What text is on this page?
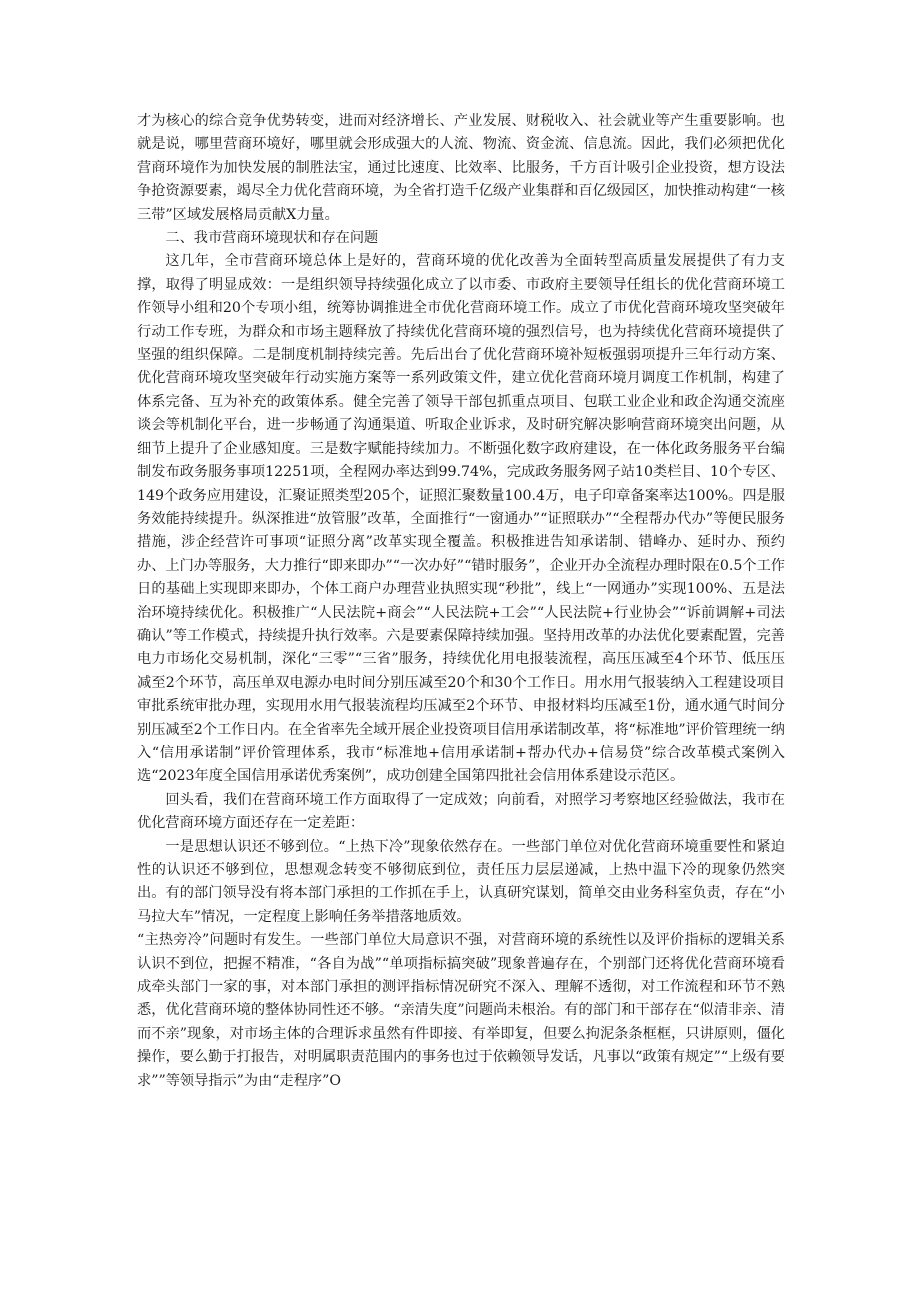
才为核心的综合竞争优势转变，进而对经济增长、产业发展、财税收入、社会就业等产生重要影响。也就是说，哪里营商环境好，哪里就会形成强大的人流、物流、资金流、信息流。因此，我们必须把优化营商环境作为加快发展的制胜法宝，通过比速度、比效率、比服务，千方百计吸引企业投资，想方设法争抢资源要素，竭尽全力优化营商环境，为全省打造千亿级产业集群和百亿级园区，加快推动构建“一核三带”区域发展格局贡献X力量。

二、我市营商环境现状和存在问题

这几年，全市营商环境总体上是好的，营商环境的优化改善为全面转型高质量发展提供了有力支撑，取得了明显成效：一是组织领导持续强化成立了以市委、市政府主要领导任组长的优化营商环境工作领导小组和20个专项小组，统筹协调推进全市优化营商环境工作。成立了市优化营商环境攻坚突破年行动工作专班，为群众和市场主题释放了持续优化营商环境的强烈信号，也为持续优化营商环境提供了坚强的组织保障。二是制度机制持续完善。先后出台了优化营商环境补短板强弱项提升三年行动方案、优化营商环境攻坚突破年行动实施方案等一系列政策文件，建立优化营商环境月调度工作机制，构建了体系完备、互为补充的政策体系。健全完善了领导干部包抓重点项目、包联工业企业和政企沟通交流座谈会等机制化平台，进一步畅通了沟通渠道、听取企业诉求，及时研究解决影响营商环境突出问题，从细节上提升了企业感知度。三是数字赋能持续加力。不断强化数字政府建设，在一体化政务服务平台编制发布政务服务事项12251项，全程网办率达到99.74%，完成政务服务网子站10类栏目、10个专区、149个政务应用建设，汇聚证照类型205个，证照汇聚数量100.4万，电子印章备案率达100%。四是服务效能持续提升。纵深推进“放管服”改革，全面推行“一窗通办”“证照联办”“全程帮办代办”等便民服务措施，涉企经营许可事项“证照分离”改革实现全覆盖。积极推进告知承诺制、错峰办、延时办、预约办、上门办等服务，大力推行“即来即办”“一次办好”“错时服务”，企业开办全流程办理时限在0.5个工作日的基础上实现即来即办，个体工商户办理营业执照实现“秒批”，线上“一网通办”实现100%、五是法治环境持续优化。积极推广“人民法院+商会”“人民法院+工会”“人民法院+行业协会”“诉前调解+司法确认”等工作模式，持续提升执行效率。六是要素保障持续加强。坚持用改革的办法优化要素配置，完善电力市场化交易机制，深化“三零”“三省”服务，持续优化用电报装流程，高压压减至4个环节、低压压减至2个环节，高压单双电源办电时间分别压减至20个和30个工作日。用水用气报装纳入工程建设项目审批系统审批办理，实现用水用气报装流程均压减至2个环节、申报材料均压减至1份，通水通气时间分别压减至2个工作日内。在全省率先全域开展企业投资项目信用承诺制改革，将“标准地”评价管理统一纳入“信用承诺制”评价管理体系，我市“标准地+信用承诺制+帮办代办+信易贷”综合改革模式案例入选“2023年度全国信用承诺优秀案例”，成功创建全国第四批社会信用体系建设示范区。

回头看，我们在营商环境工作方面取得了一定成效；向前看，对照学习考察地区经验做法，我市在优化营商环境方面还存在一定差距：

一是思想认识还不够到位。“上热下冷”现象依然存在。一些部门单位对优化营商环境重要性和紧迫性的认识还不够到位，思想观念转变不够彻底到位，责任压力层层递减，上热中温下冷的现象仍然突出。有的部门领导没有将本部门承担的工作抓在手上，认真研究谋划，简单交由业务科室负责，存在“小马拉大车”情况，一定程度上影响任务举措落地质效。

“主热旁冷”问题时有发生。一些部门单位大局意识不强，对营商环境的系统性以及评价指标的逻辑关系认识不到位，把握不精准，“各自为战”“单项指标搞突破”现象普遍存在，个别部门还将优化营商环境看成牵头部门一家的事，对本部门承担的测评指标情况研究不深入、理解不透彻，对工作流程和环节不熟悉，优化营商环境的整体协同性还不够。“亲清失度”问题尚未根治。有的部门和干部存在“似清非亲、清而不亲”现象，对市场主体的合理诉求虽然有件即接、有举即复，但要么拘泥条条框框，只讲原则，僵化操作，要么勤于打报告，对明属职责范围内的事务也过于依赖领导发话，凡事以“政策有规定”“上级有要求””等领导指示”为由“走程序”O
